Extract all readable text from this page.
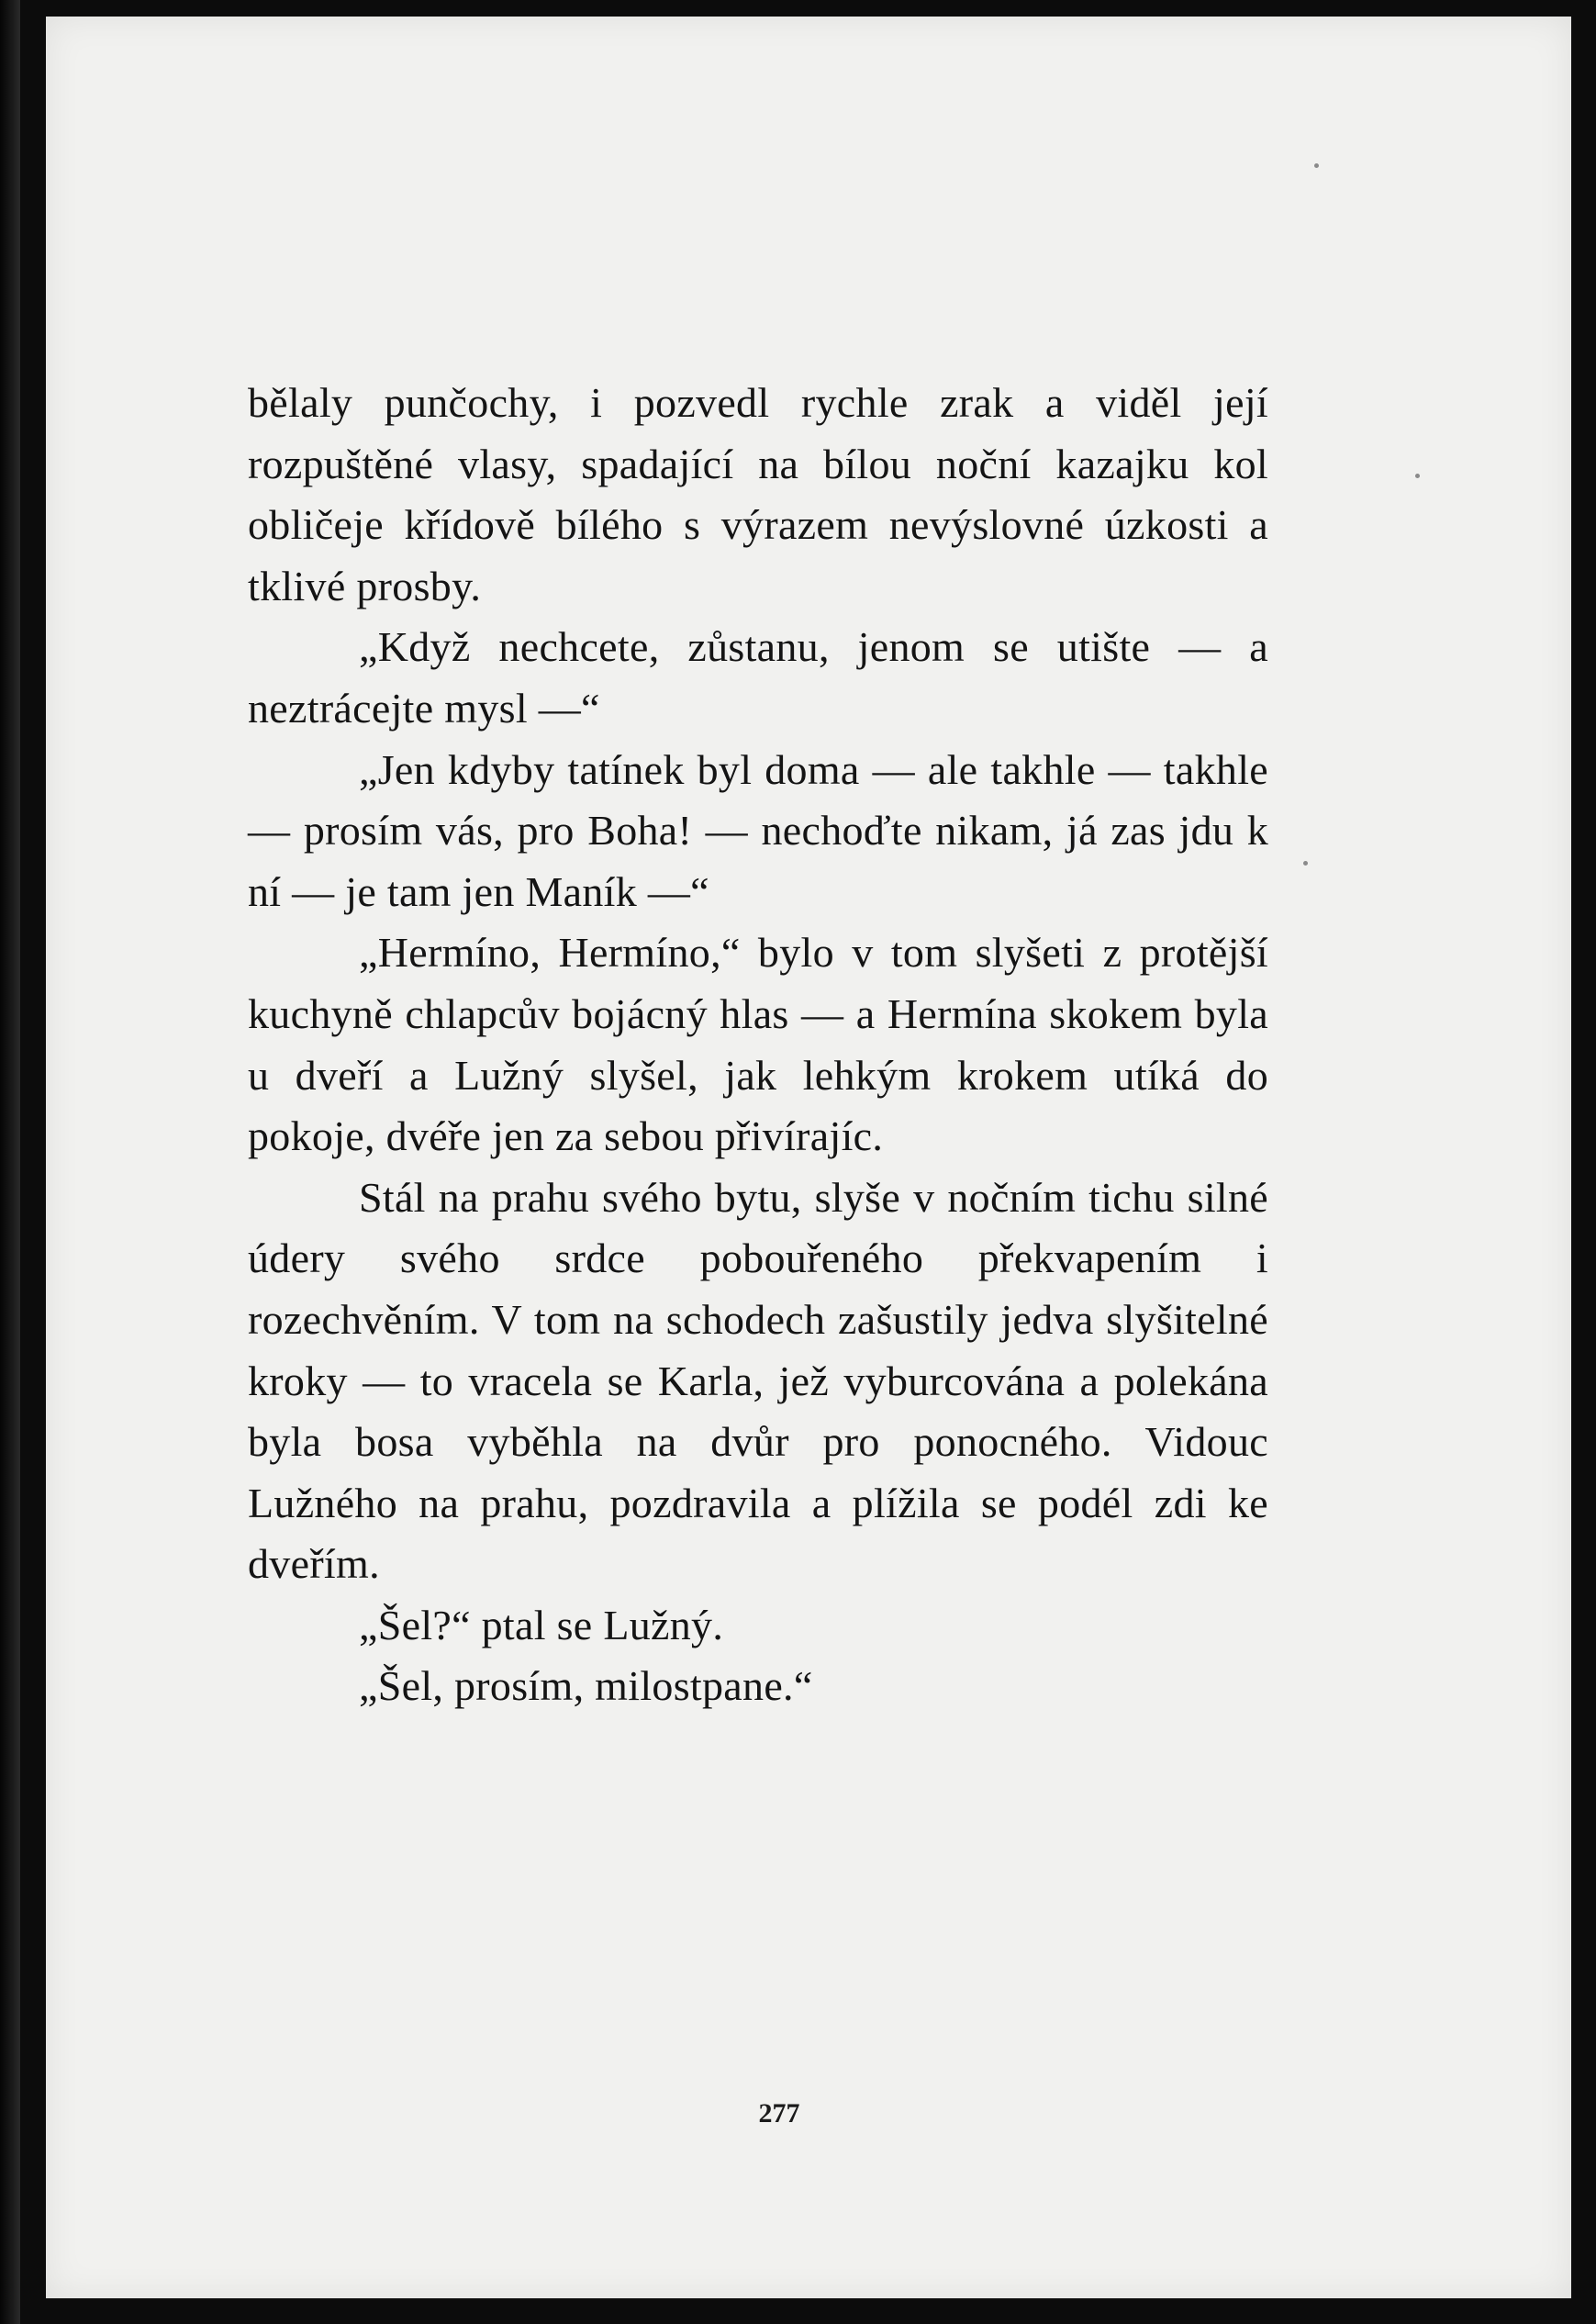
bělaly punčochy, i pozvedl rychle zrak a viděl její rozpuštěné vlasy, spadající na bílou noční kazajku kol obličeje křídově bílého s výrazem nevýslovné úzkosti a tklivé prosby.

„Když nechcete, zůstanu, jenom se utište — a neztrácejte mysl —“

„Jen kdyby tatínek byl doma — ale takhle — takhle — prosím vás, pro Boha! — nechoďte nikam, já zas jdu k ní — je tam jen Maník —“

„Hermíno, Hermíno,“ bylo v tom slyšeti z protější kuchyně chlapcův bojácný hlas — a Hermína skokem byla u dveří a Lužný slyšel, jak lehkým krokem utíká do pokoje, dvéře jen za sebou přivírajíc.

Stál na prahu svého bytu, slyše v nočním tichu silné údery svého srdce pobouřeného překvapením i rozechvěním. V tom na schodech zašustily jedva slyšitelné kroky — to vracela se Karla, jež vyburcována a polekána byla bosa vyběhla na dvůr pro ponocného. Vidouc Lužného na prahu, pozdravila a plížila se podél zdi ke dveřím.

„Šel?“ ptal se Lužný.

„Šel, prosím, milostpane.“

277
